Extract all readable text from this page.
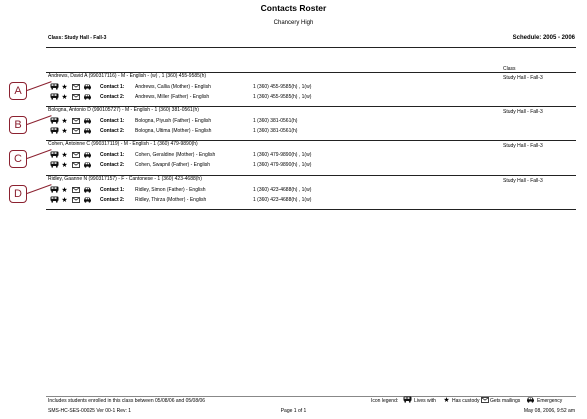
Contacts Roster
Chancery High
Class: Study Hall - Fall-3	Schedule: 2005 - 2006
Class
Andrews, David A (990317116) - M - English - (w) , 1 (360) 455-9585(h)	Study Hall - Fall-3
★	Contact 1: Andrews, Callia (Mother) - English	1 (360) 455-9585(h) , 1(w)
★	Contact 2: Andrews, Miller (Father) - English	1 (360) 455-9585(h) , 1(w)
A
Bologna, Antonio D (990105727) - M - English - 1 (360) 381-0561(h)	Study Hall - Fall-3
★	Contact 1: Bologna, Piyush (Father) - English	1 (360) 381-0561(h)
★	Contact 2: Bologna, Ultima (Mother) - English	1 (360) 381-0561(h)
B
Cohen, Antoinne C (990317119) - M - English - 1 (360) 479-9890(h)	Study Hall - Fall-3
★	Contact 1: Cohen, Geraldine (Mother) - English	1 (360) 479-9890(h) , 1(w)
★	Contact 2: Cohen, Swapnil (Father) - English	1 (360) 479-9890(h) , 1(w)
C
Ridley, Gaanne N (990317157) - F - Cantonese - 1 (360) 423-4688(h)	Study Hall - Fall-3
★	Contact 1: Ridley, Simon (Father) - English	1 (360) 423-4688(h) , 1(w)
★	Contact 2: Ridley, Thirza (Mother) - English	1 (360) 423-4688(h) , 1(w)
D
Includes students enrolled in this class between 05/08/06 and 05/08/06	Icon legend:	Lives with ★ Has custody Gets mailings	Emergency
SMS-HC-SES-00025 Ver 00-1 Rev: 1	Page 1 of 1	May 08, 2006, 9:52 am
